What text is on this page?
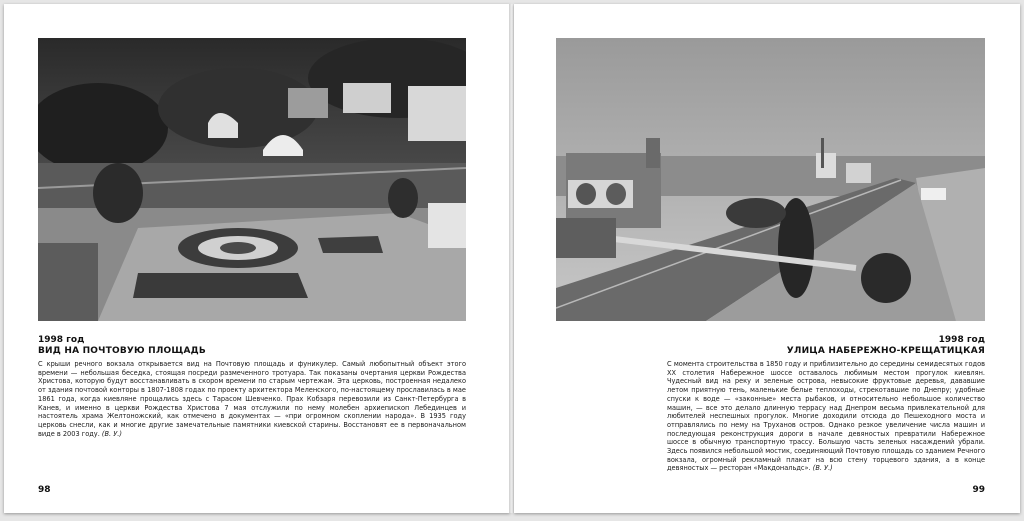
1998 год

ВИД НА ПОЧТОВУЮ ПЛОЩАДЬ

С крыши речного вокзала открывается вид на Почтовую площадь и фуникулер. Самый любопытный объект этого времени — небольшая беседка, стоящая посреди размеченного тротуара. Так показаны очертания церкви Рождества Христова, которую будут восстанавливать в скором времени по старым чертежам. Эта церковь, построенная недалеко от здания почтовой конторы в 1807-1808 годах по проекту архитектора Меленского, по-настоящему прославилась в мае 1861 года, когда киевляне прощались здесь с Тарасом Шевченко. Прах Кобзаря перевозили из Санкт-Петербурга в Канев, и именно в церкви Рождества Христова 7 мая отслужили по нему молебен архиепископ Лебединцев и настоятель храма Желтоножский, как отмечено в документах — «при огромном скоплении народа». В 1935 году церковь снесли, как и многие другие замечательные памятники киевской старины. Восстановят ее в первоначальном виде в 2003 году. (В. У.)

98

1998 год

УЛИЦА НАБЕРЕЖНО-КРЕЩАТИЦКАЯ

С момента строительства в 1850 году и приблизительно до середины семидесятых годов XX столетия Набережное шоссе оставалось любимым местом прогулок киевлян. Чудесный вид на реку и зеленые острова, невысокие фруктовые деревья, дававшие летом приятную тень, маленькие белые теплоходы, стрекотавшие по Днепру; удобные спуски к воде — «законные» места рыбаков, и относительно небольшое количество машин, — все это делало длинную террасу над Днепром весьма привлекательной для любителей неспешных прогулок. Многие доходили отсюда до Пешеходного моста и отправлялись по нему на Труханов остров. Однако резкое увеличение числа машин и последующая реконструкция дороги в начале девяностых превратили Набережное шоссе в обычную транспортную трассу. Большую часть зеленых насаждений убрали. Здесь появился небольшой мостик, соединяющий Почтовую площадь со зданием Речного вокзала, огромный рекламный плакат на всю стену торцевого здания, а в конце девяностых — ресторан «Макдональдс». (В. У.)

99
